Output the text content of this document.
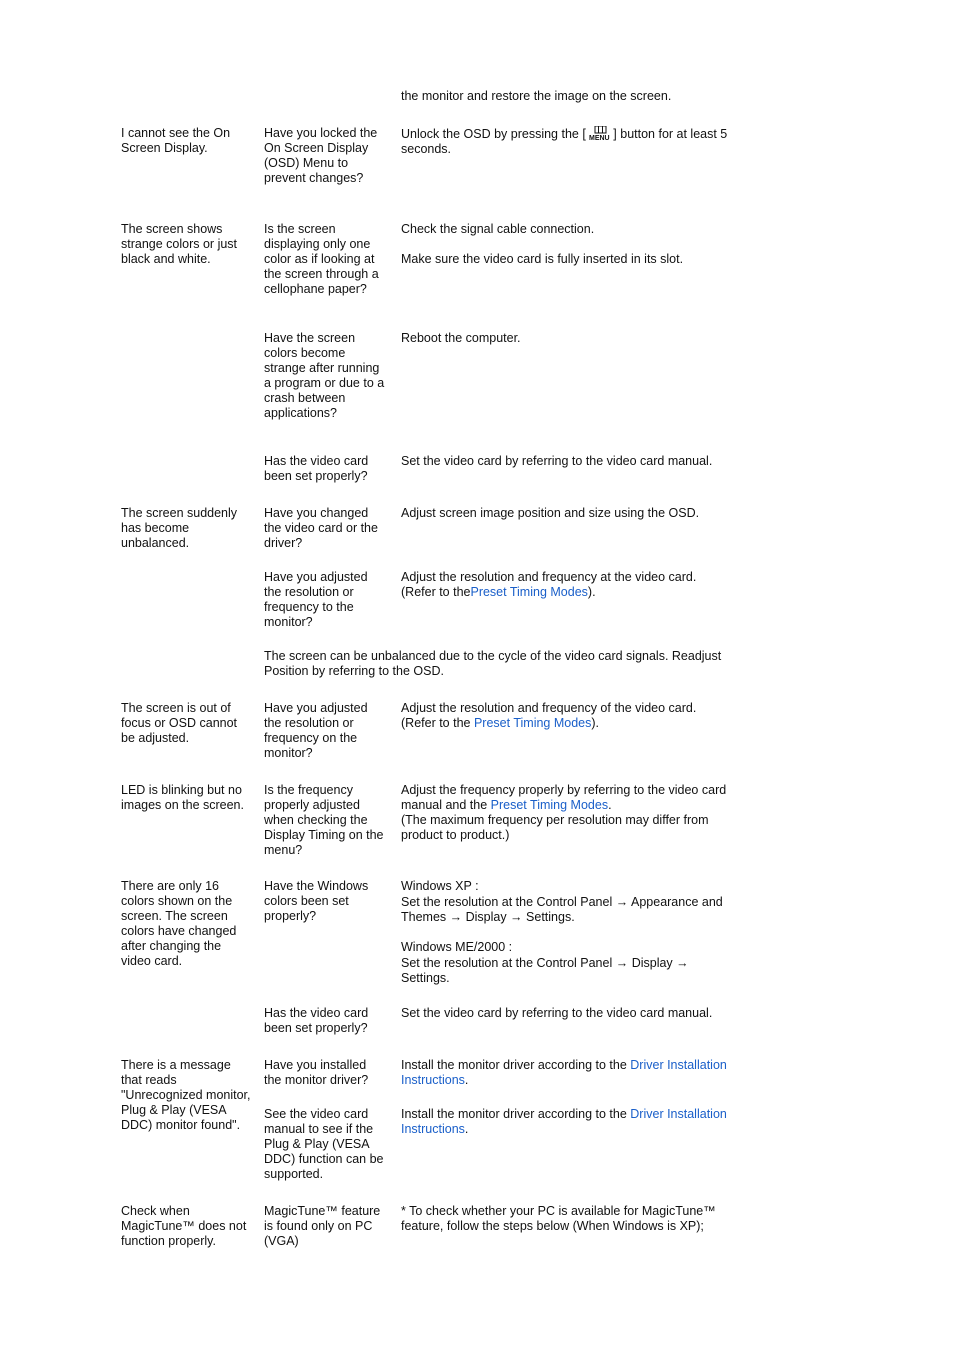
the monitor and restore the image on the screen.

I cannot see the On Screen Display.

Have you locked the On Screen Display (OSD) Menu to prevent changes?

Unlock the OSD by pressing the [ MENU ] button for at least 5 seconds.

The screen shows strange colors or just black and white.

Is the screen displaying only one color as if looking at the screen through a cellophane paper?

Check the signal cable connection.

Make sure the video card is fully inserted in its slot.

Have the screen colors become strange after running a program or due to a crash between applications?

Reboot the computer.

Has the video card been set properly?

Set the video card by referring to the video card manual.

The screen suddenly has become unbalanced.

Have you changed the video card or the driver?

Adjust screen image position and size using the OSD.

Have you adjusted the resolution or frequency to the monitor?

Adjust the resolution and frequency at the video card. (Refer to thePreset Timing Modes).

The screen can be unbalanced due to the cycle of the video card signals. Readjust Position by referring to the OSD.

The screen is out of focus or OSD cannot be adjusted.

Have you adjusted the resolution or frequency on the monitor?

Adjust the resolution and frequency of the video card. (Refer to the Preset Timing Modes).

LED is blinking but no images on the screen.

Is the frequency properly adjusted when checking the Display Timing on the menu?

Adjust the frequency properly by referring to the video card manual and the Preset Timing Modes.
(The maximum frequency per resolution may differ from product to product.)

There are only 16 colors shown on the screen. The screen colors have changed after changing the video card.

Have the Windows colors been set properly?

Windows XP :
Set the resolution at the Control Panel → Appearance and Themes → Display → Settings.

Windows ME/2000 :
Set the resolution at the Control Panel → Display → Settings.

Has the video card been set properly?

Set the video card by referring to the video card manual.

There is a message that reads "Unrecognized monitor, Plug & Play (VESA DDC) monitor found".

Have you installed the monitor driver?

Install the monitor driver according to the Driver Installation Instructions.

See the video card manual to see if the Plug & Play (VESA DDC) function can be supported.

Install the monitor driver according to the Driver Installation Instructions.

Check when MagicTune™ does not function properly.

MagicTune™ feature is found only on PC (VGA)

* To check whether your PC is available for MagicTune™ feature, follow the steps below (When Windows is XP);
